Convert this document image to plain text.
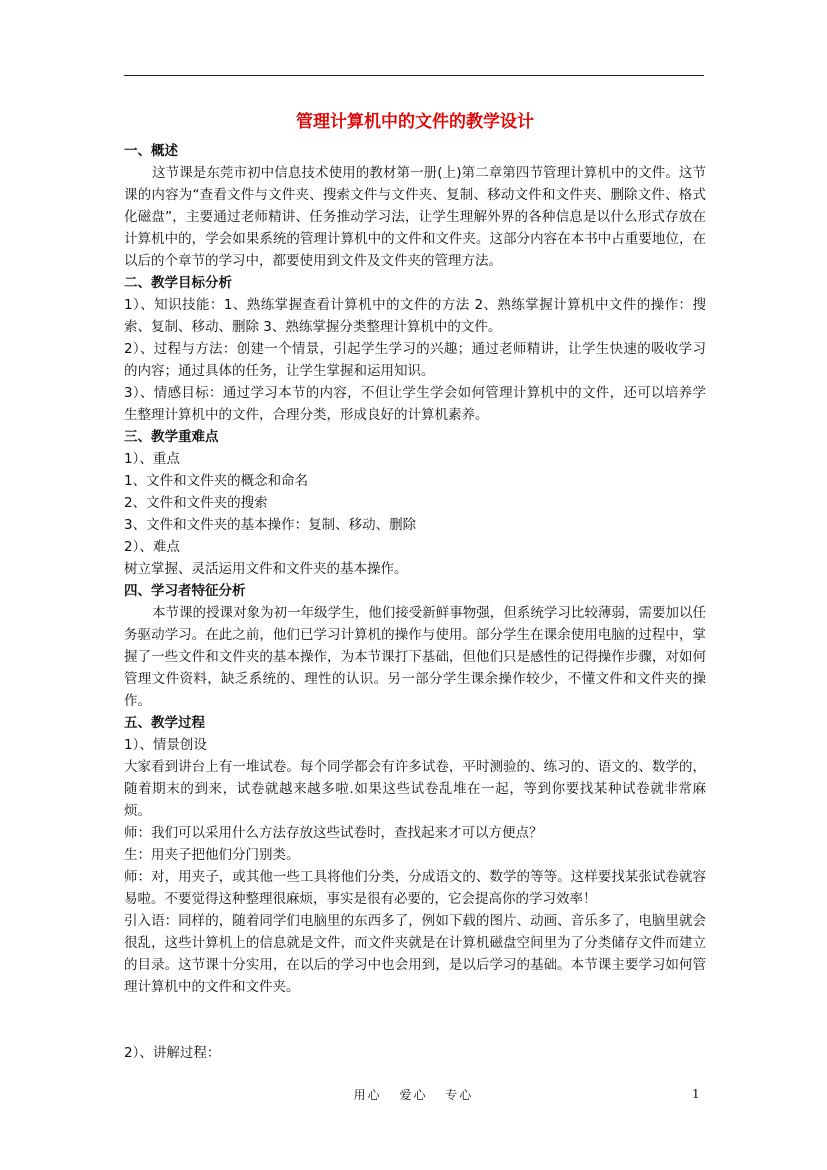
管理计算机中的文件的教学设计
一、概述

这节课是东莞市初中信息技术使用的教材第一册(上)第二章第四节管理计算机中的文件。这节课的内容为“查看文件与文件夹、搜索文件与文件夹、复制、移动文件和文件夹、删除文件、格式化磁盘”，主要通过老师精讲、任务推动学习法，让学生理解外界的各种信息是以什么形式存放在计算机中的，学会如果系统的管理计算机中的文件和文件夹。这部分内容在本书中占重要地位，在以后的个章节的学习中，都要使用到文件及文件夹的管理方法。

二、教学目标分析

1）、知识技能：1、熟练掌握查看计算机中的文件的方法 2、熟练掌握计算机中文件的操作：搜索、复制、移动、删除 3、熟练掌握分类整理计算机中的文件。

2）、过程与方法：创建一个情景，引起学生学习的兴趣；通过老师精讲，让学生快速的吸收学习的内容；通过具体的任务，让学生掌握和运用知识。

3）、情感目标：通过学习本节的内容，不但让学生学会如何管理计算机中的文件，还可以培养学生整理计算机中的文件，合理分类，形成良好的计算机素养。

三、教学重难点

1）、重点

1、文件和文件夹的概念和命名

2、文件和文件夹的搜索

3、文件和文件夹的基本操作：复制、移动、删除

2）、难点

树立掌握、灵活运用文件和文件夹的基本操作。

四、学习者特征分析

本节课的授课对象为初一年级学生，他们接受新鲜事物强，但系统学习比较薄弱，需要加以任务驱动学习。在此之前，他们已学习计算机的操作与使用。部分学生在课余使用电脑的过程中，掌握了一些文件和文件夹的基本操作，为本节课打下基础，但他们只是感性的记得操作步骤，对如何管理文件资料，缺乏系统的、理性的认识。另一部分学生课余操作较少，不懂文件和文件夹的操作。

五、教学过程

1）、情景创设

大家看到讲台上有一堆试卷。每个同学都会有许多试卷，平时测验的、练习的、语文的、数学的，随着期末的到来，试卷就越来越多啦.如果这些试卷乱堆在一起，等到你要找某种试卷就非常麻烦。

师：我们可以采用什么方法存放这些试卷时，查找起来才可以方便点？

生：用夹子把他们分门别类。

师：对，用夹子，或其他一些工具将他们分类，分成语文的、数学的等等。这样要找某张试卷就容易啦。不要觉得这种整理很麻烦，事实是很有必要的，它会提高你的学习效率！

引入语：同样的，随着同学们电脑里的东西多了，例如下载的图片、动画、音乐多了，电脑里就会很乱，这些计算机上的信息就是文件，而文件夹就是在计算机磁盘空间里为了分类储存文件而建立的目录。这节课十分实用，在以后的学习中也会用到，是以后学习的基础。本节课主要学习如何管理计算机中的文件和文件夹。

2）、讲解过程：

用心 爱心 专心	1
